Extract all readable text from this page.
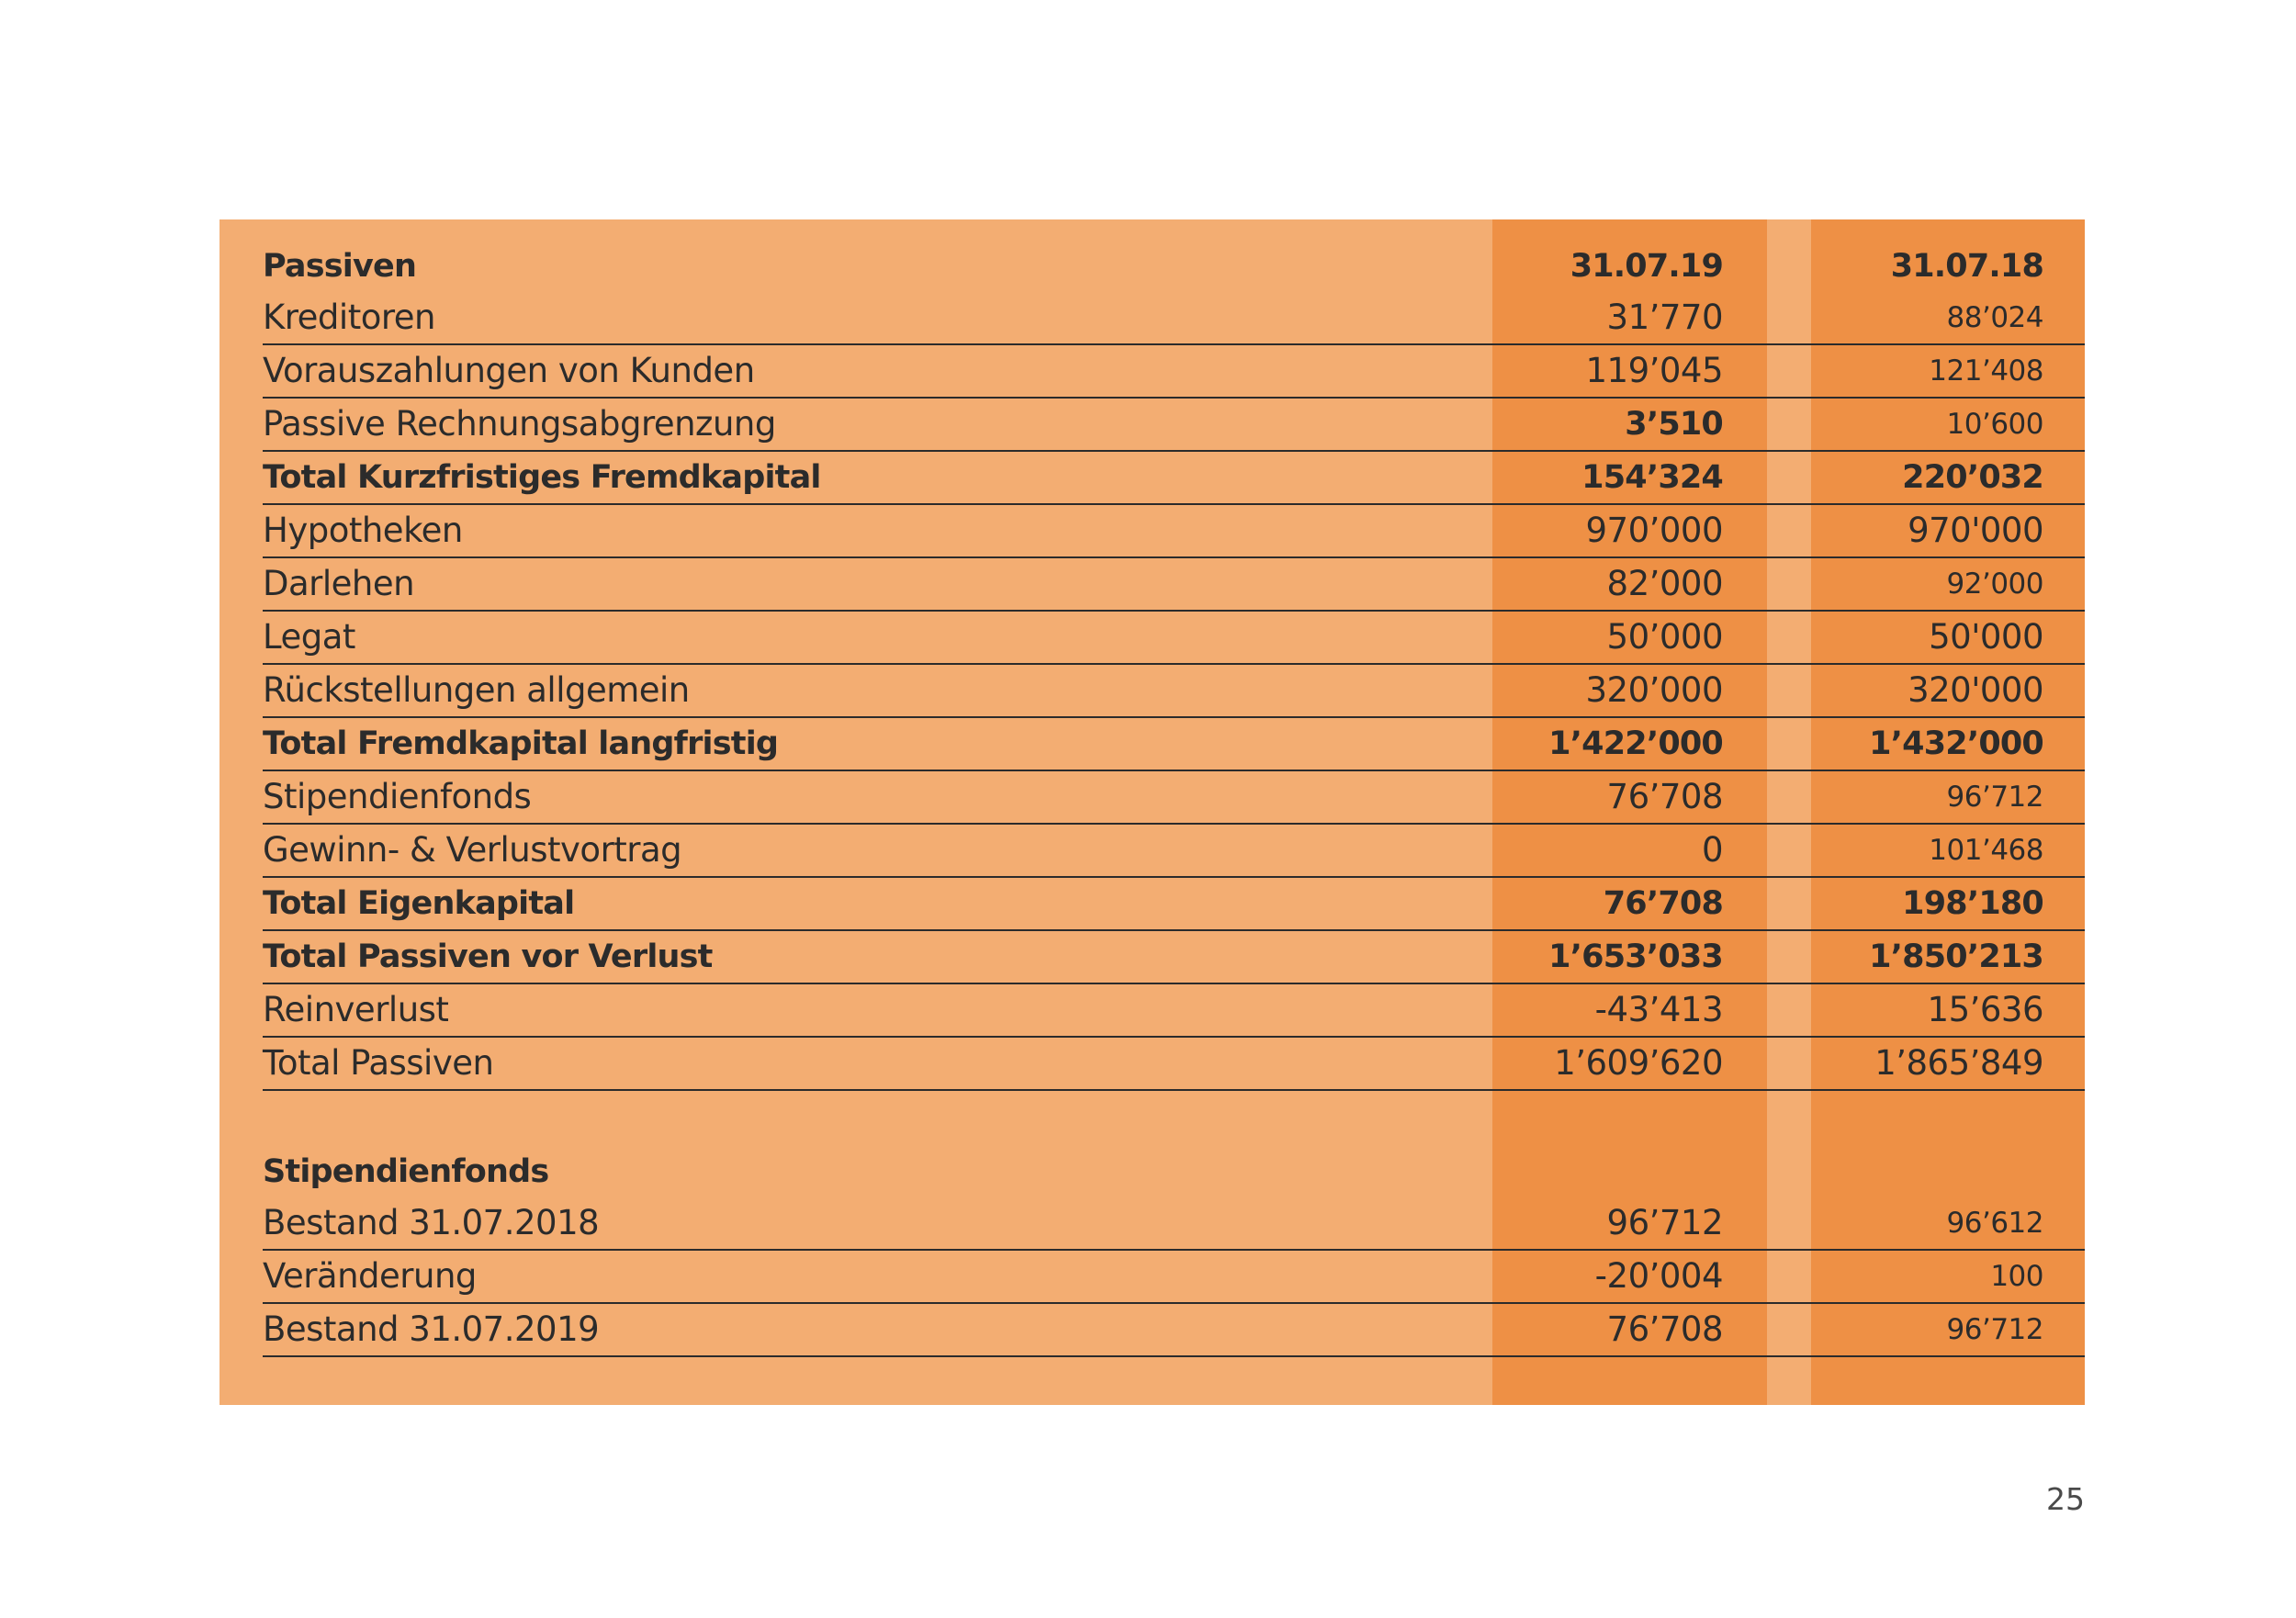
Passiven	31.07.19	31.07.18
Kreditoren	31’770	88’024
Vorauszahlungen von Kunden	119’045	121’408
Passive Rechnungsabgrenzung	3’510	10’600
Total Kurzfristiges Fremdkapital	154’324	220’032
Hypotheken	970’000	970'000
Darlehen	82’000	92’000
Legat	50’000	50'000
Rückstellungen allgemein	320’000	320'000
Total Fremdkapital langfristig	1’422’000	1’432’000
Stipendienfonds	76’708	96’712
Gewinn- & Verlustvortrag	0	101’468
Total Eigenkapital	76’708	198’180
Total Passiven vor Verlust	1’653’033	1’850’213
Reinverlust	-43’413	15’636
Total Passiven	1’609’620	1’865’849
Stipendienfonds
Bestand 31.07.2018	96’712	96’612
Veränderung	-20’004	100
Bestand 31.07.2019	76’708	96’712
25
